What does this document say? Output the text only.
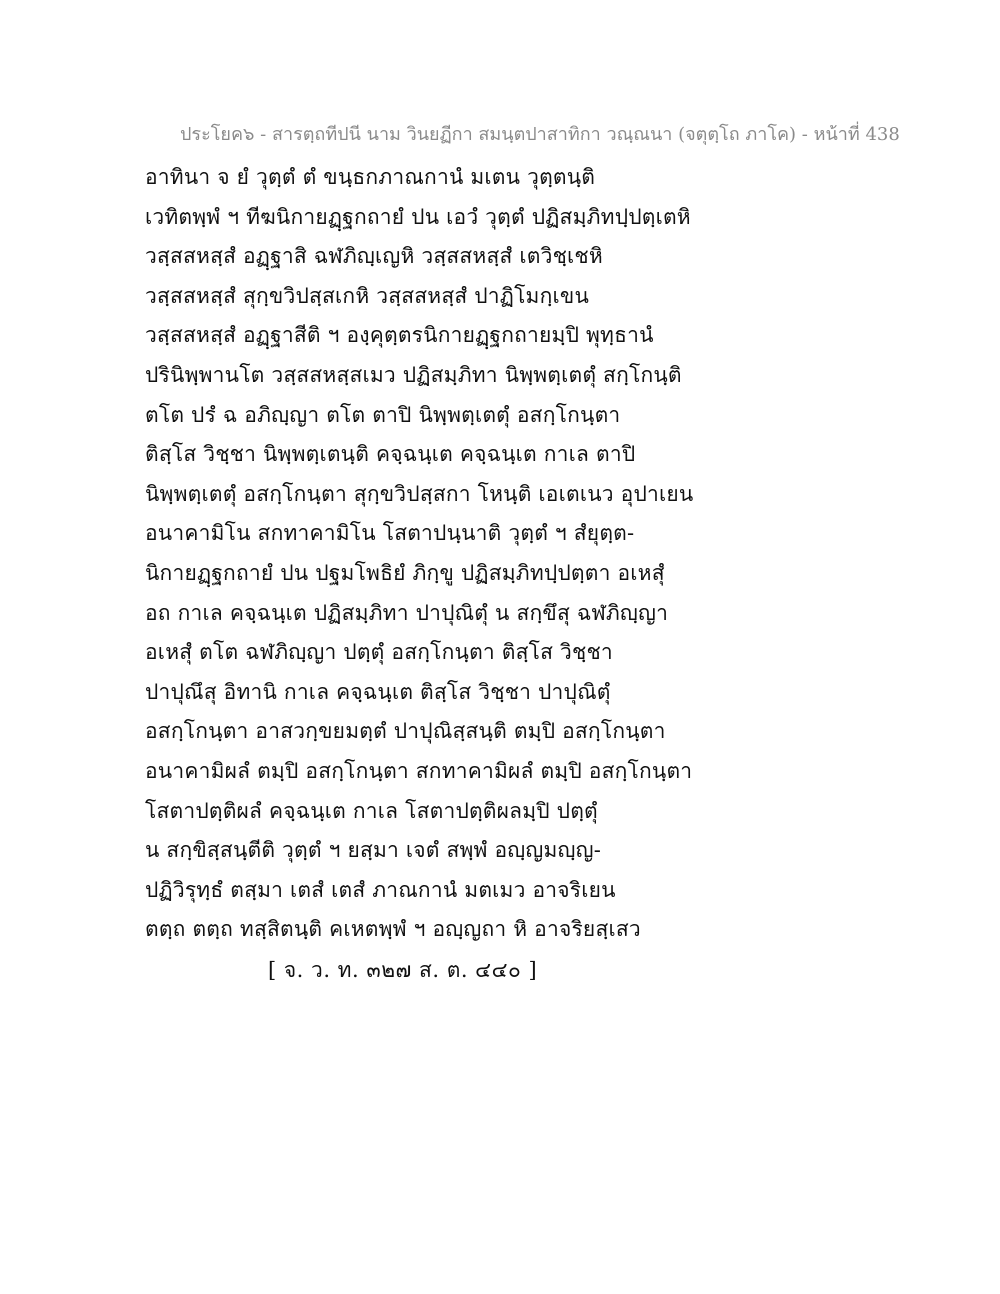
ประโยค๖ - สารตฺถทีปนี นาม วินยฏีกา สมนฺตปาสาทิกา วณฺณนา (จตุตฺโถ ภาโค) - หน้าที่ 438
อาทินา จ ยํ วุตฺตํ ตํ ขนฺธกภาณกานํ มเตน วุตฺตนฺติ
เวทิตพฺพํ ฯ ทีฆนิกายฏฺฐกถายํ ปน เอวํ วุตฺตํ ปฏิสมฺภิทปฺปตฺเตหิ
วสฺสสหสฺสํ อฏฺฐาสิ ฉฬภิญฺเญหิ วสฺสสหสฺสํ เตวิชฺเชหิ
วสฺสสหสฺสํ สุกฺขวิปสฺสเกหิ วสฺสสหสฺสํ ปาฏิโมกฺเขน
วสฺสสหสฺสํ อฏฺฐาสีติ ฯ องฺคุตฺตรนิกายฏฺฐกถายมฺปิ พุทฺธานํ
ปรินิพฺพานโต วสฺสสหสฺสเมว ปฏิสมฺภิทา นิพฺพตฺเตตุํ สกฺโกนฺติ
ตโต ปรํ ฉ อภิญฺญา ตโต ตาปิ นิพฺพตฺเตตุํ อสกฺโกนฺตา
ติสฺโส วิชฺชา นิพฺพตฺเตนฺติ คจฺฉนฺเต คจฺฉนฺเต กาเล ตาปิ
นิพฺพตฺเตตุํ อสกฺโกนฺตา สุกฺขวิปสฺสกา โหนฺติ เอเตเนว อุปาเยน
อนาคามิโน สกทาคามิโน โสตาปนฺนาติ วุตฺตํ ฯ สํยุตฺต-
นิกายฏฺฐกถายํ ปน ปฐมโพธิยํ ภิกฺขู ปฏิสมฺภิทปฺปตฺตา อเหสุํ
อถ กาเล คจฺฉนฺเต ปฏิสมฺภิทา ปาปุณิตุํ น สกฺขึสุ ฉฬภิญฺญา
อเหสุํ ตโต ฉฬภิญฺญา ปตฺตุํ อสกฺโกนฺตา ติสฺโส วิชฺชา
ปาปุณึสุ อิทานิ กาเล คจฺฉนฺเต ติสฺโส วิชฺชา ปาปุณิตุํ
อสกฺโกนฺตา อาสวกฺขยมตฺตํ ปาปุณิสฺสนฺติ ตมฺปิ อสกฺโกนฺตา
อนาคามิผลํ ตมฺปิ อสกฺโกนฺตา สกทาคามิผลํ ตมฺปิ อสกฺโกนฺตา
โสตาปตฺติผลํ คจฺฉนฺเต กาเล โสตาปตฺติผลมฺปิ ปตฺตุํ
น สกฺขิสฺสนฺตีติ วุตฺตํ ฯ ยสฺมา เจตํ สพฺพํ อญฺญมญฺญ-
ปฏิวิรุทฺธํ ตสฺมา เตสํ เตสํ ภาณกานํ มตเมว อาจริเยน
ตตฺถ ตตฺถ ทสฺสิตนฺติ คเหตพฺพํ ฯ อญฺญถา หิ อาจริยสฺเสว
[ จ. ว. ท. ๓๒๗ ส. ต. ๔๔๐ ]
